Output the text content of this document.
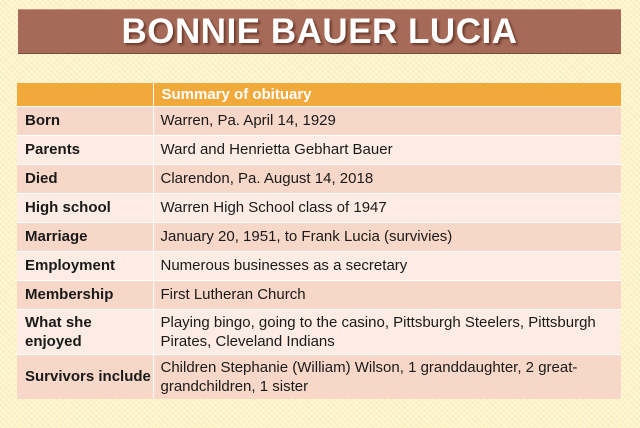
BONNIE BAUER LUCIA
	Summary of obituary
Born	Warren, Pa. April 14, 1929
Parents	Ward and Henrietta Gebhart Bauer
Died	Clarendon, Pa. August 14, 2018
High school	Warren High School class of 1947
Marriage	January 20, 1951, to Frank Lucia (survivies)
Employment	Numerous businesses as a secretary
Membership	First Lutheran Church
What she enjoyed	Playing bingo, going to the casino, Pittsburgh Steelers, Pittsburgh Pirates, Cleveland Indians
Survivors include	Children Stephanie (William) Wilson, 1 granddaughter, 2 great-grandchildren, 1 sister
